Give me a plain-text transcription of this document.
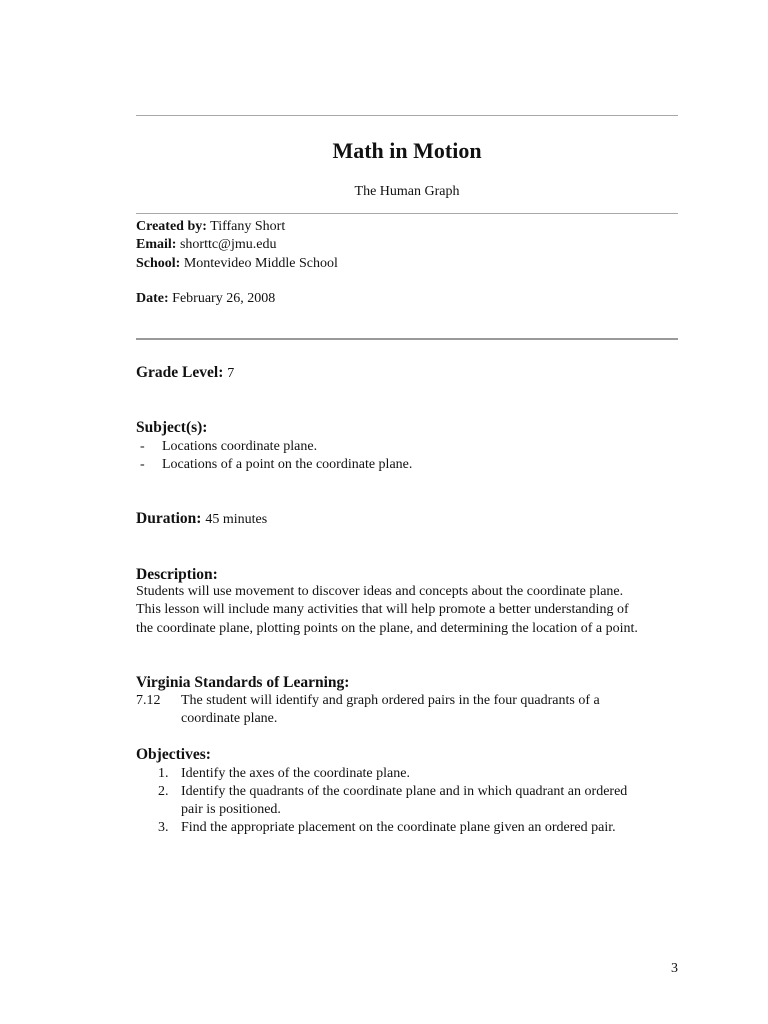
Math in Motion
The Human Graph
Created by: Tiffany Short
Email: shorttc@jmu.edu
School: Montevideo Middle School
Date: February 26, 2008
Grade Level: 7
Subject(s):
- Locations coordinate plane.
- Locations of a point on the coordinate plane.
Duration: 45 minutes
Description:
Students will use movement to discover ideas and concepts about the coordinate plane.
This lesson will include many activities that will help promote a better understanding of
the coordinate plane, plotting points on the plane, and determining the location of a point.
Virginia Standards of Learning:
7.12 The student will identify and graph ordered pairs in the four quadrants of a
coordinate plane.
Objectives:
1. Identify the axes of the coordinate plane.
2. Identify the quadrants of the coordinate plane and in which quadrant an ordered
pair is positioned.
3. Find the appropriate placement on the coordinate plane given an ordered pair.
3
